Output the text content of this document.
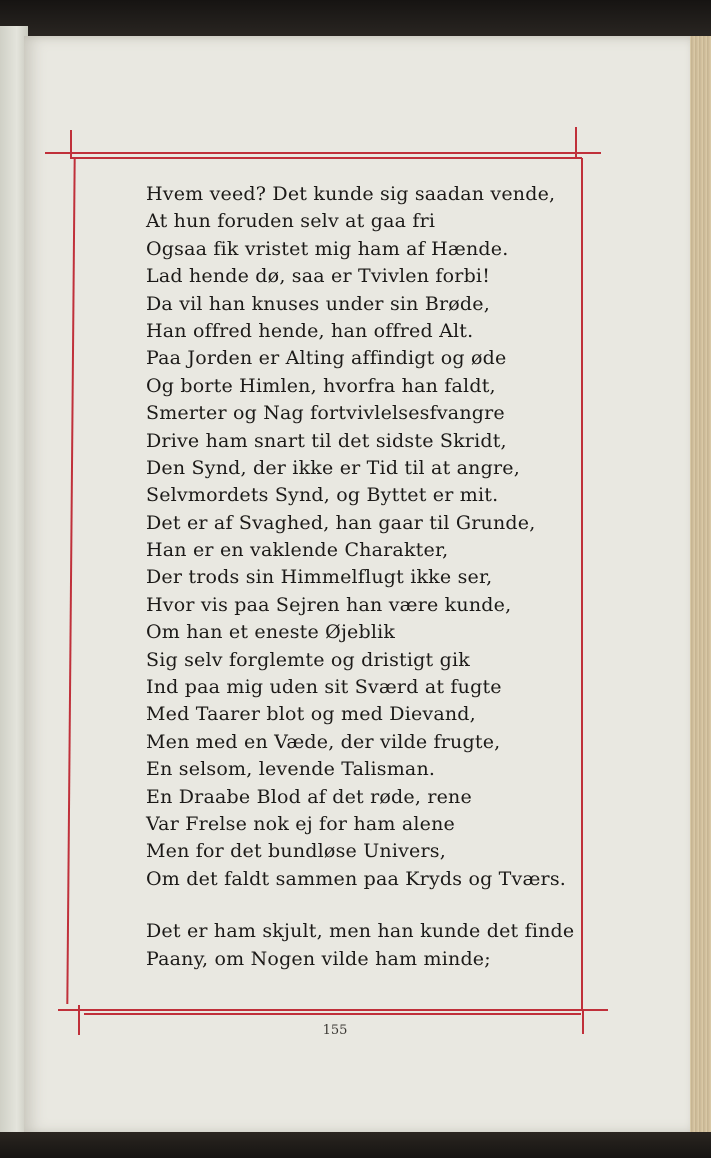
Hvem veed? Det kunde sig saadan vende,
At hun foruden selv at gaa fri
Ogsaa fik vristet mig ham af Hænde.
Lad hende dø, saa er Tvivlen forbi!
Da vil han knuses under sin Brøde,
Han offred hende, han offred Alt.
Paa Jorden er Alting affindigt og øde
Og borte Himlen, hvorfra han faldt,
Smerter og Nag fortvivlelsesfvangre
Drive ham snart til det sidste Skridt,
Den Synd, der ikke er Tid til at angre,
Selvmordets Synd, og Byttet er mit.
Det er af Svaghed, han gaar til Grunde,
Han er en vaklende Charakter,
Der trods sin Himmelflugt ikke ser,
Hvor vis paa Sejren han være kunde,
Om han et eneste Øjeblik
Sig selv forglemte og dristigt gik
Ind paa mig uden sit Sværd at fugte
Med Taarer blot og med Dievand,
Men med en Væde, der vilde frugte,
En selsom, levende Talisman.
En Draabe Blod af det røde, rene
Var Frelse nok ej for ham alene
Men for det bundløse Univers,
Om det faldt sammen paa Kryds og Tværs.
Det er ham skjult, men han kunde det finde
Paany, om Nogen vilde ham minde;
155
